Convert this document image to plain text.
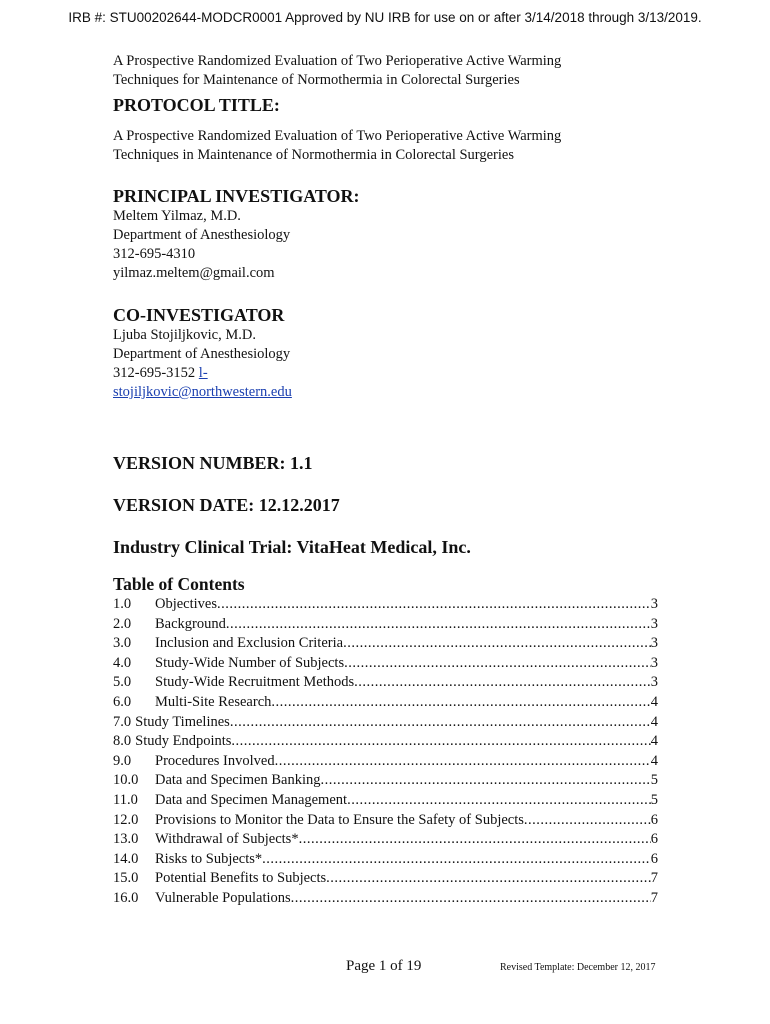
IRB #: STU00202644-MODCR0001 Approved by NU IRB for use on or after 3/14/2018 through 3/13/2019.

A Prospective Randomized Evaluation of Two Perioperative Active Warming

Techniques for Maintenance of Normothermia in Colorectal Surgeries

PROTOCOL TITLE:

A Prospective Randomized Evaluation of Two Perioperative Active Warming

Techniques in Maintenance of Normothermia in Colorectal Surgeries

PRINCIPAL INVESTIGATOR:

Meltem Yilmaz, M.D.

Department of Anesthesiology

312-695-4310

yilmaz.meltem@gmail.com

CO-INVESTIGATOR

Ljuba Stojiljkovic, M.D.

Department of Anesthesiology

312-695-3152 l-

stojiljkovic@northwestern.edu

VERSION NUMBER: 1.1

VERSION DATE: 12.12.2017

Industry Clinical Trial: VitaHeat Medical, Inc.

Table of Contents

1.0	Objectives .....	3
2.0	Background .....	3
3.0	Inclusion and Exclusion Criteria .....	3
4.0	Study-Wide Number of Subjects .....	3
5.0	Study-Wide Recruitment Methods .....	3
6.0	Multi-Site Research .....	4
7.0 Study Timelines .....	4
8.0 Study Endpoints .....	4
9.0	Procedures Involved .....	4
10.0	Data and Specimen Banking .....	5
11.0	Data and Specimen Management .....	5
12.0	Provisions to Monitor the Data to Ensure the Safety of Subjects .....	6
13.0	Withdrawal of Subjects* .....	6
14.0	Risks to Subjects* .....	6
15.0	Potential Benefits to Subjects .....	7
16.0	Vulnerable Populations .....	7
Page 1 of 19	Revised Template: December 12, 2017
